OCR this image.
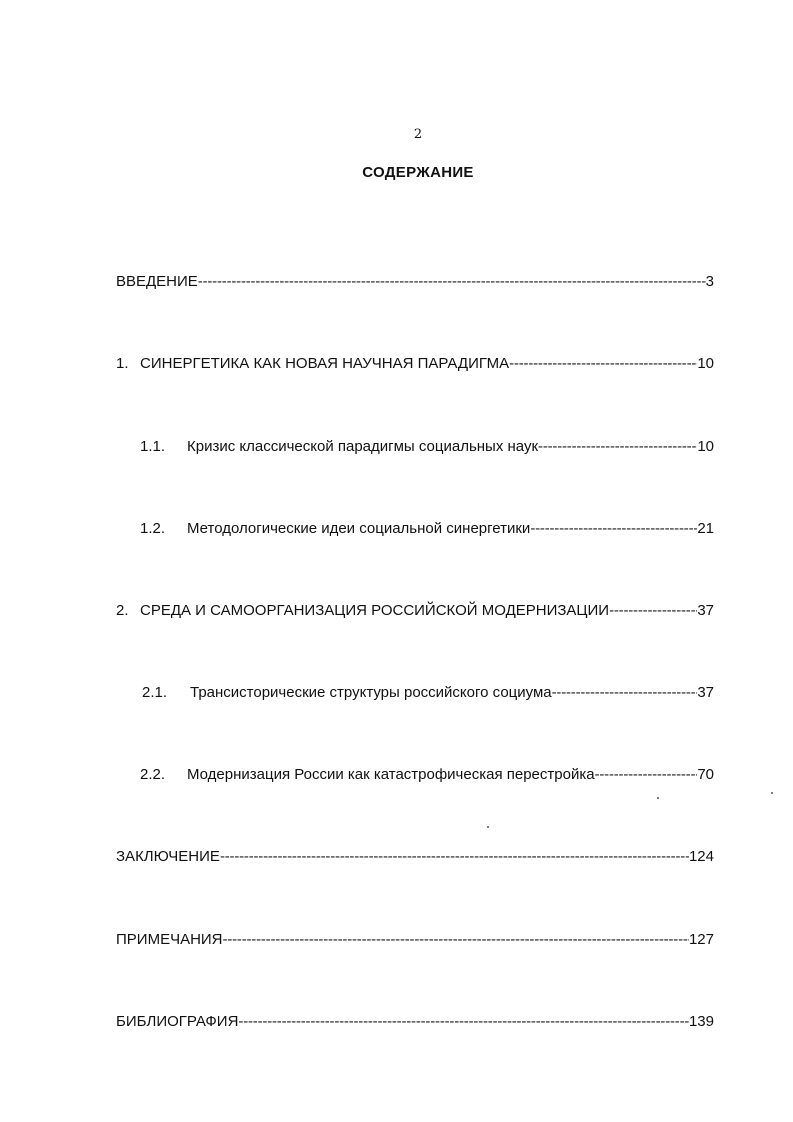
2
СОДЕРЖАНИЕ
ВВЕДЕНИЕ -----	3
1. СИНЕРГЕТИКА КАК НОВАЯ НАУЧНАЯ ПАРАДИГМА -----	10
1.1.	Кризис классической парадигмы социальных наук -----	10
1.2.	Методологические идеи социальной синергетики -----	21
2. СРЕДА И САМООРГАНИЗАЦИЯ РОССИЙСКОЙ МОДЕРНИЗАЦИИ -----	37
2.1.	Трансисторические структуры российского социума -----	37
2.2.	Модернизация России как катастрофическая перестройка -----	70
ЗАКЛЮЧЕНИЕ -----	124
ПРИМЕЧАНИЯ -----	127
БИБЛИОГРАФИЯ -----	139
